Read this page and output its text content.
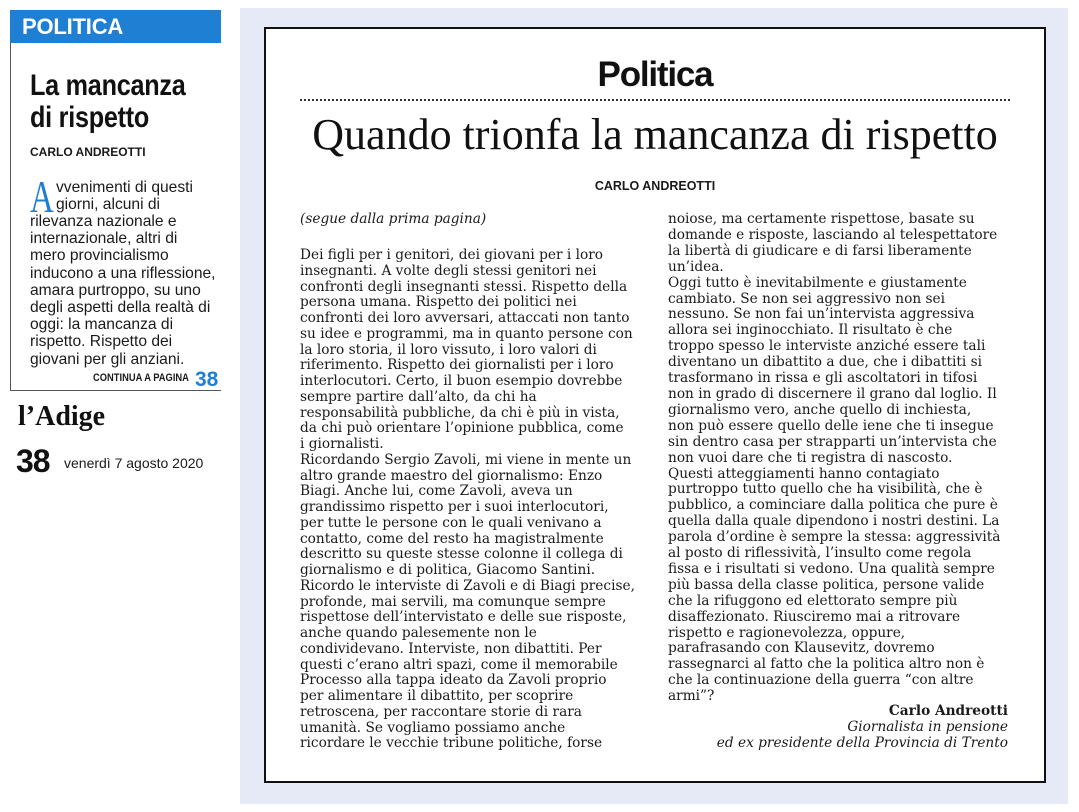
POLITICA
La mancanza
di rispetto
CARLO ANDREOTTI
A vvenimenti di questi
giorni, alcuni di
rilevanza nazionale e
internazionale, altri di
mero provincialismo
inducono a una riflessione,
amara purtroppo, su uno
degli aspetti della realtà di
oggi: la mancanza di
rispetto. Rispetto dei
giovani per gli anziani.
CONTINUA A PAGINA 38
l’Adige
38 venerdì 7 agosto 2020
Politica
Quando trionfa la mancanza di rispetto
CARLO ANDREOTTI
(segue dalla prima pagina)
Dei figli per i genitori, dei giovani per i loro
insegnanti. A volte degli stessi genitori nei
confronti degli insegnanti stessi. Rispetto della
persona umana. Rispetto dei politici nei
confronti dei loro avversari, attaccati non tanto
su idee e programmi, ma in quanto persone con
la loro storia, il loro vissuto, i loro valori di
riferimento. Rispetto dei giornalisti per i loro
interlocutori. Certo, il buon esempio dovrebbe
sempre partire dall’alto, da chi ha
responsabilità pubbliche, da chi è più in vista,
da chi può orientare l’opinione pubblica, come
i giornalisti.
Ricordando Sergio Zavoli, mi viene in mente un
altro grande maestro del giornalismo: Enzo
Biagi. Anche lui, come Zavoli, aveva un
grandissimo rispetto per i suoi interlocutori,
per tutte le persone con le quali venivano a
contatto, come del resto ha magistralmente
descritto su queste stesse colonne il collega di
giornalismo e di politica, Giacomo Santini.
Ricordo le interviste di Zavoli e di Biagi precise,
profonde, mai servili, ma comunque sempre
rispettose dell’intervistato e delle sue risposte,
anche quando palesemente non le
condividevano. Interviste, non dibattiti. Per
questi c’erano altri spazi, come il memorabile
Processo alla tappa ideato da Zavoli proprio
per alimentare il dibattito, per scoprire
retroscena, per raccontare storie di rara
umanità. Se vogliamo possiamo anche
ricordare le vecchie tribune politiche, forse
noiose, ma certamente rispettose, basate su
domande e risposte, lasciando al telespettatore
la libertà di giudicare e di farsi liberamente
un’idea.
Oggi tutto è inevitabilmente e giustamente
cambiato. Se non sei aggressivo non sei
nessuno. Se non fai un’intervista aggressiva
allora sei inginocchiato. Il risultato è che
troppo spesso le interviste anziché essere tali
diventano un dibattito a due, che i dibattiti si
trasformano in rissa e gli ascoltatori in tifosi
non in grado di discernere il grano dal loglio. Il
giornalismo vero, anche quello di inchiesta,
non può essere quello delle iene che ti insegue
sin dentro casa per strapparti un’intervista che
non vuoi dare che ti registra di nascosto.
Questi atteggiamenti hanno contagiato
purtroppo tutto quello che ha visibilità, che è
pubblico, a cominciare dalla politica che pure è
quella dalla quale dipendono i nostri destini. La
parola d’ordine è sempre la stessa: aggressività
al posto di riflessività, l’insulto come regola
fissa e i risultati si vedono. Una qualità sempre
più bassa della classe politica, persone valide
che la rifuggono ed elettorato sempre più
disaffezionato. Riusciremo mai a ritrovare
rispetto e ragionevolezza, oppure,
parafrasando con Klausevitz, dovremo
rassegnarci al fatto che la politica altro non è
che la continuazione della guerra “con altre
armi”?
Carlo Andreotti
Giornalista in pensione
ed ex presidente della Provincia di Trento
